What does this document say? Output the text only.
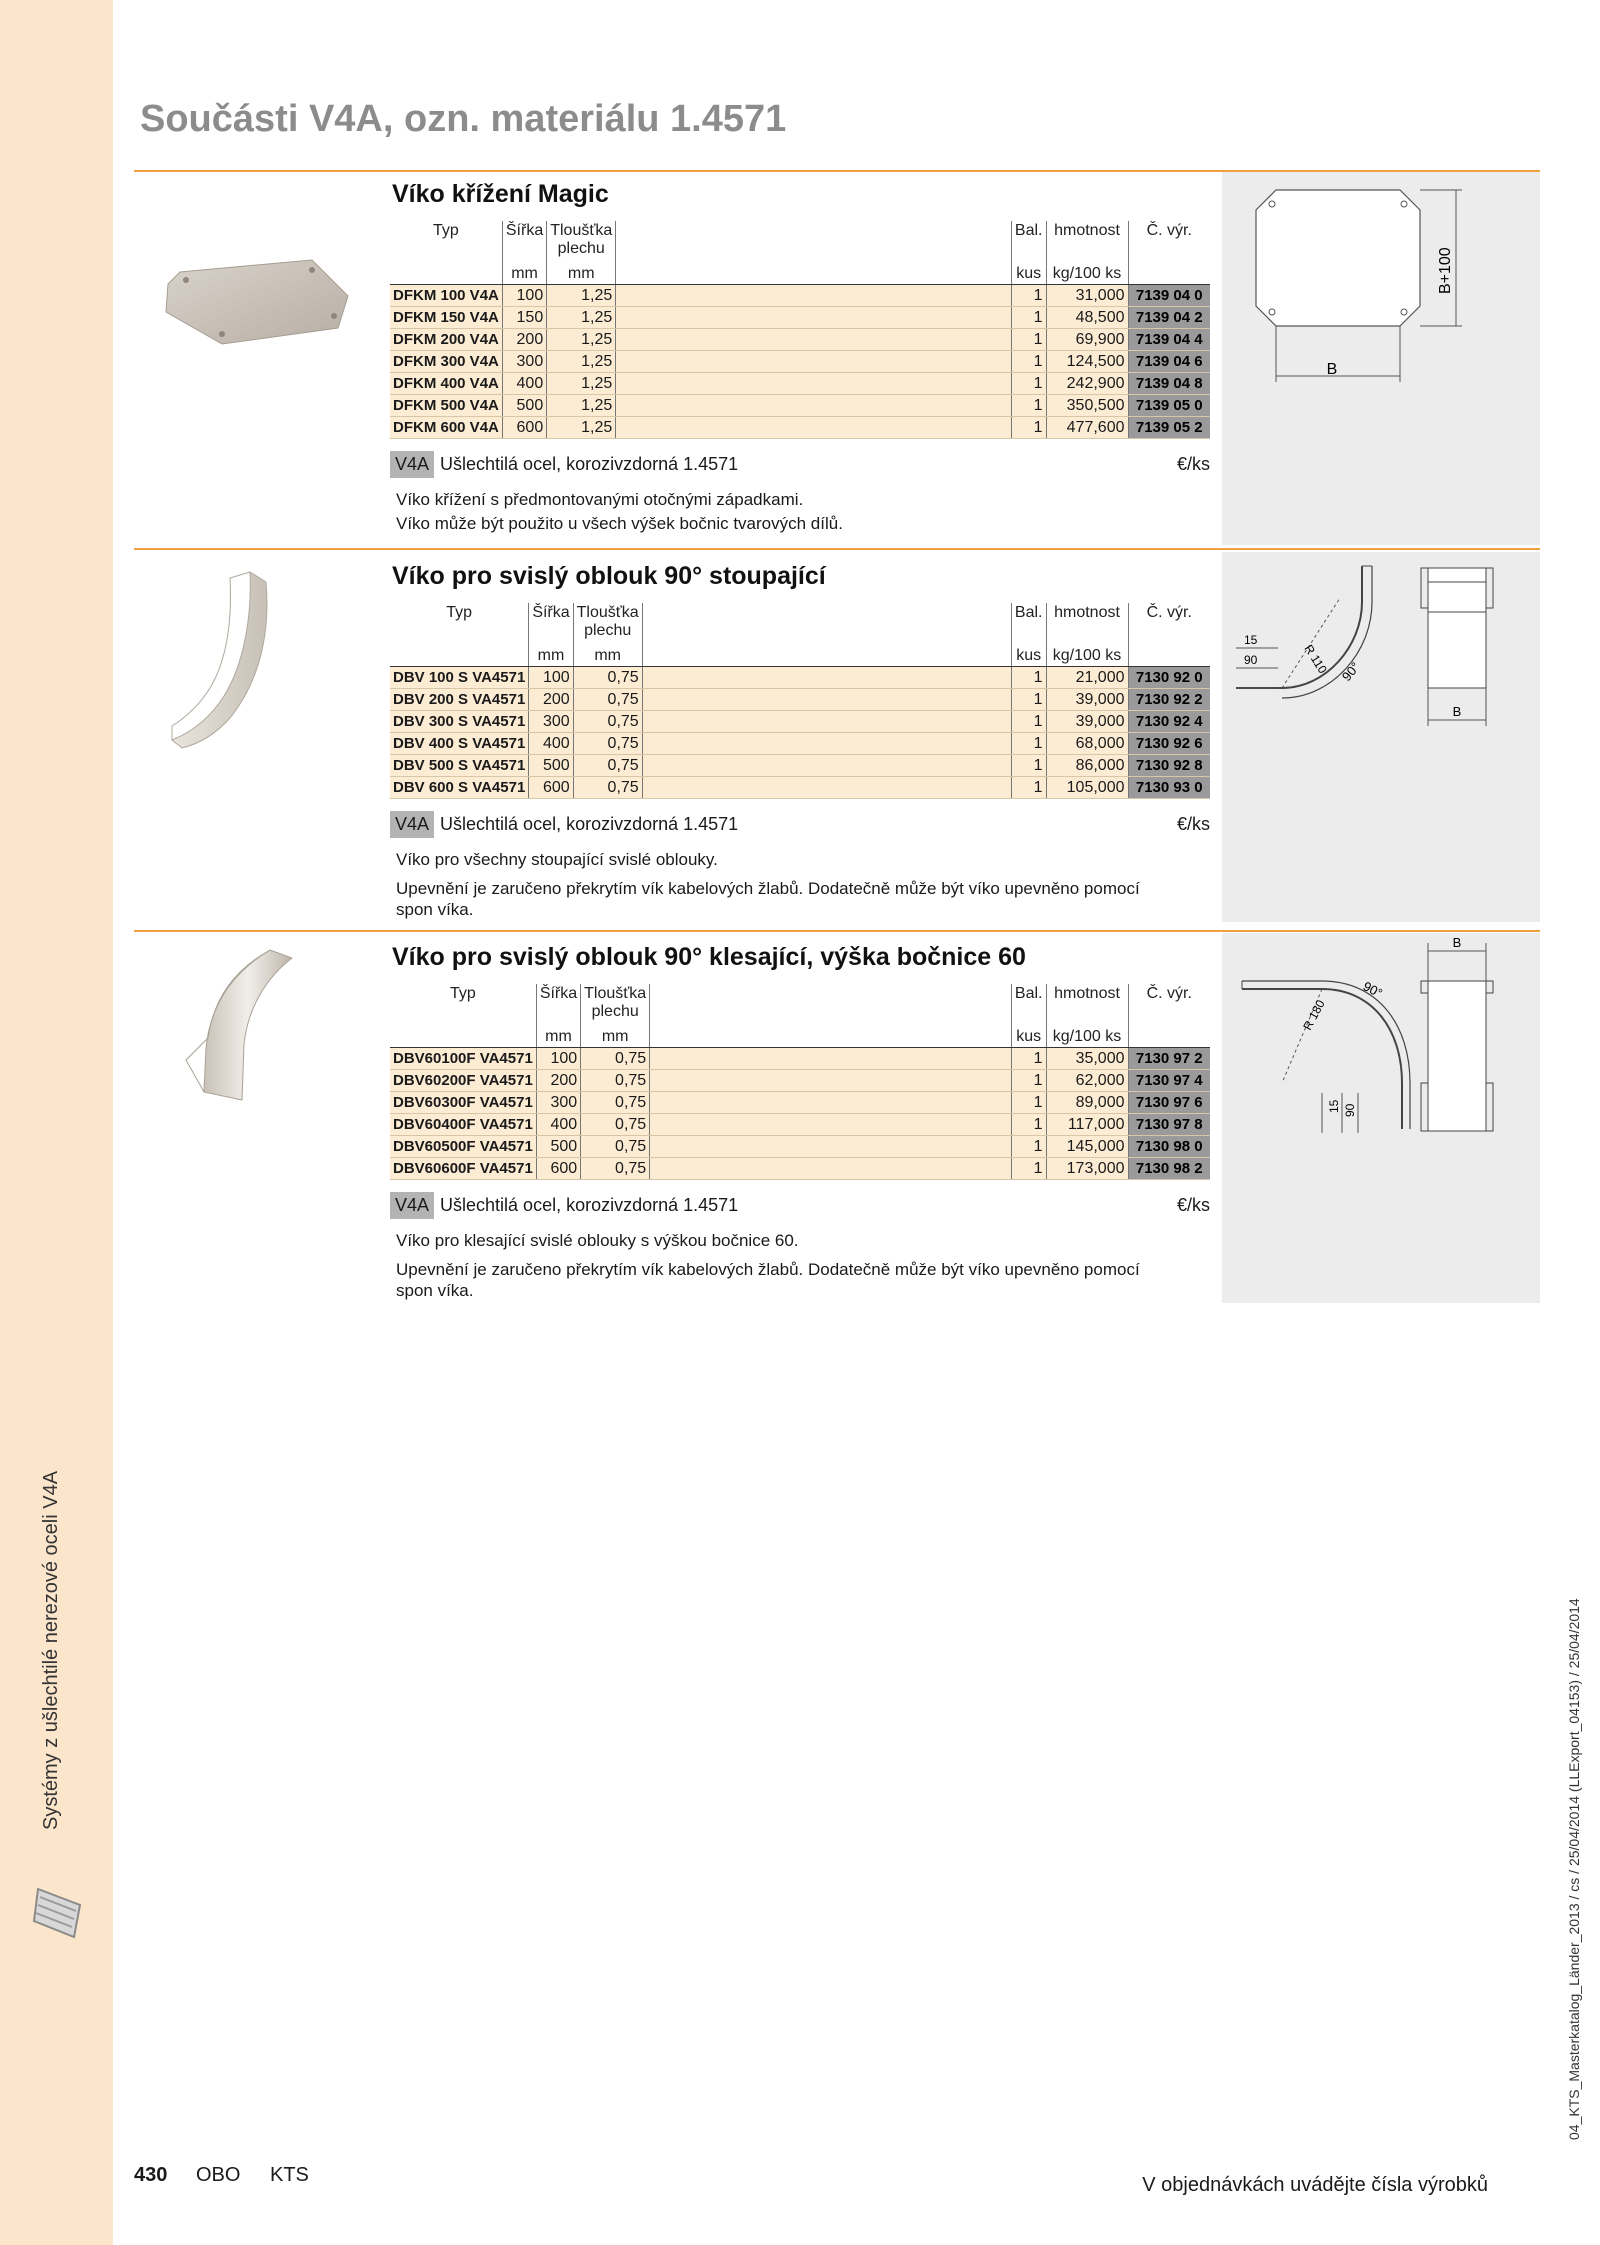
Systémy z ušlechtilé nerezové oceli V4A
Součásti V4A, ozn. materiálu 1.4571
Víko křížení Magic
Typ	Šířka	Tloušťka plechu		Bal.	hmotnost	Č. výr.
	mm	mm		kus	kg/100 ks	
DFKM 100 V4A	100	1,25		1	31,000	7139 04 0
DFKM 150 V4A	150	1,25		1	48,500	7139 04 2
DFKM 200 V4A	200	1,25		1	69,900	7139 04 4
DFKM 300 V4A	300	1,25		1	124,500	7139 04 6
DFKM 400 V4A	400	1,25		1	242,900	7139 04 8
DFKM 500 V4A	500	1,25		1	350,500	7139 05 0
DFKM 600 V4A	600	1,25		1	477,600	7139 05 2
V4A Ušlechtilá ocel, korozivzdorná 1.4571	€/ks

Víko křížení s předmontovanými otočnými západkami.

Víko může být použito u všech výšek bočnic tvarových dílů.

B
B+100
Víko pro svislý oblouk 90° stoupající
Typ	Šířka	Tloušťka plechu		Bal.	hmotnost	Č. výr.
	mm	mm		kus	kg/100 ks	
DBV 100 S VA4571	100	0,75		1	21,000	7130 92 0
DBV 200 S VA4571	200	0,75		1	39,000	7130 92 2
DBV 300 S VA4571	300	0,75		1	39,000	7130 92 4
DBV 400 S VA4571	400	0,75		1	68,000	7130 92 6
DBV 500 S VA4571	500	0,75		1	86,000	7130 92 8
DBV 600 S VA4571	600	0,75		1	105,000	7130 93 0
V4A Ušlechtilá ocel, korozivzdorná 1.4571	€/ks

Víko pro všechny stoupající svislé oblouky.

Upevnění je zaručeno překrytím vík kabelových žlabů. Dodatečně může být víko upevněno pomocí spon víka.

15
90	R 110 90°
B
Víko pro svislý oblouk 90° klesající, výška bočnice 60
Typ	Šířka	Tloušťka plechu		Bal.	hmotnost	Č. výr.
	mm	mm		kus	kg/100 ks	
DBV60100F VA4571	100	0,75		1	35,000	7130 97 2
DBV60200F VA4571	200	0,75		1	62,000	7130 97 4
DBV60300F VA4571	300	0,75		1	89,000	7130 97 6
DBV60400F VA4571	400	0,75		1	117,000	7130 97 8
DBV60500F VA4571	500	0,75		1	145,000	7130 98 0
DBV60600F VA4571	600	0,75		1	173,000	7130 98 2
V4A Ušlechtilá ocel, korozivzdorná 1.4571	€/ks

Víko pro klesající svislé oblouky s výškou bočnice 60.

Upevnění je zaručeno překrytím vík kabelových žlabů. Dodatečně může být víko upevněno pomocí spon víka.

90°
R 180
15 90
B
430 OBO KTS	V objednávkách uvádějte čísla výrobků
04_KTS_Masterkatalog_Länder_2013 / cs / 25/04/2014 (LLExport_04153) / 25/04/2014
